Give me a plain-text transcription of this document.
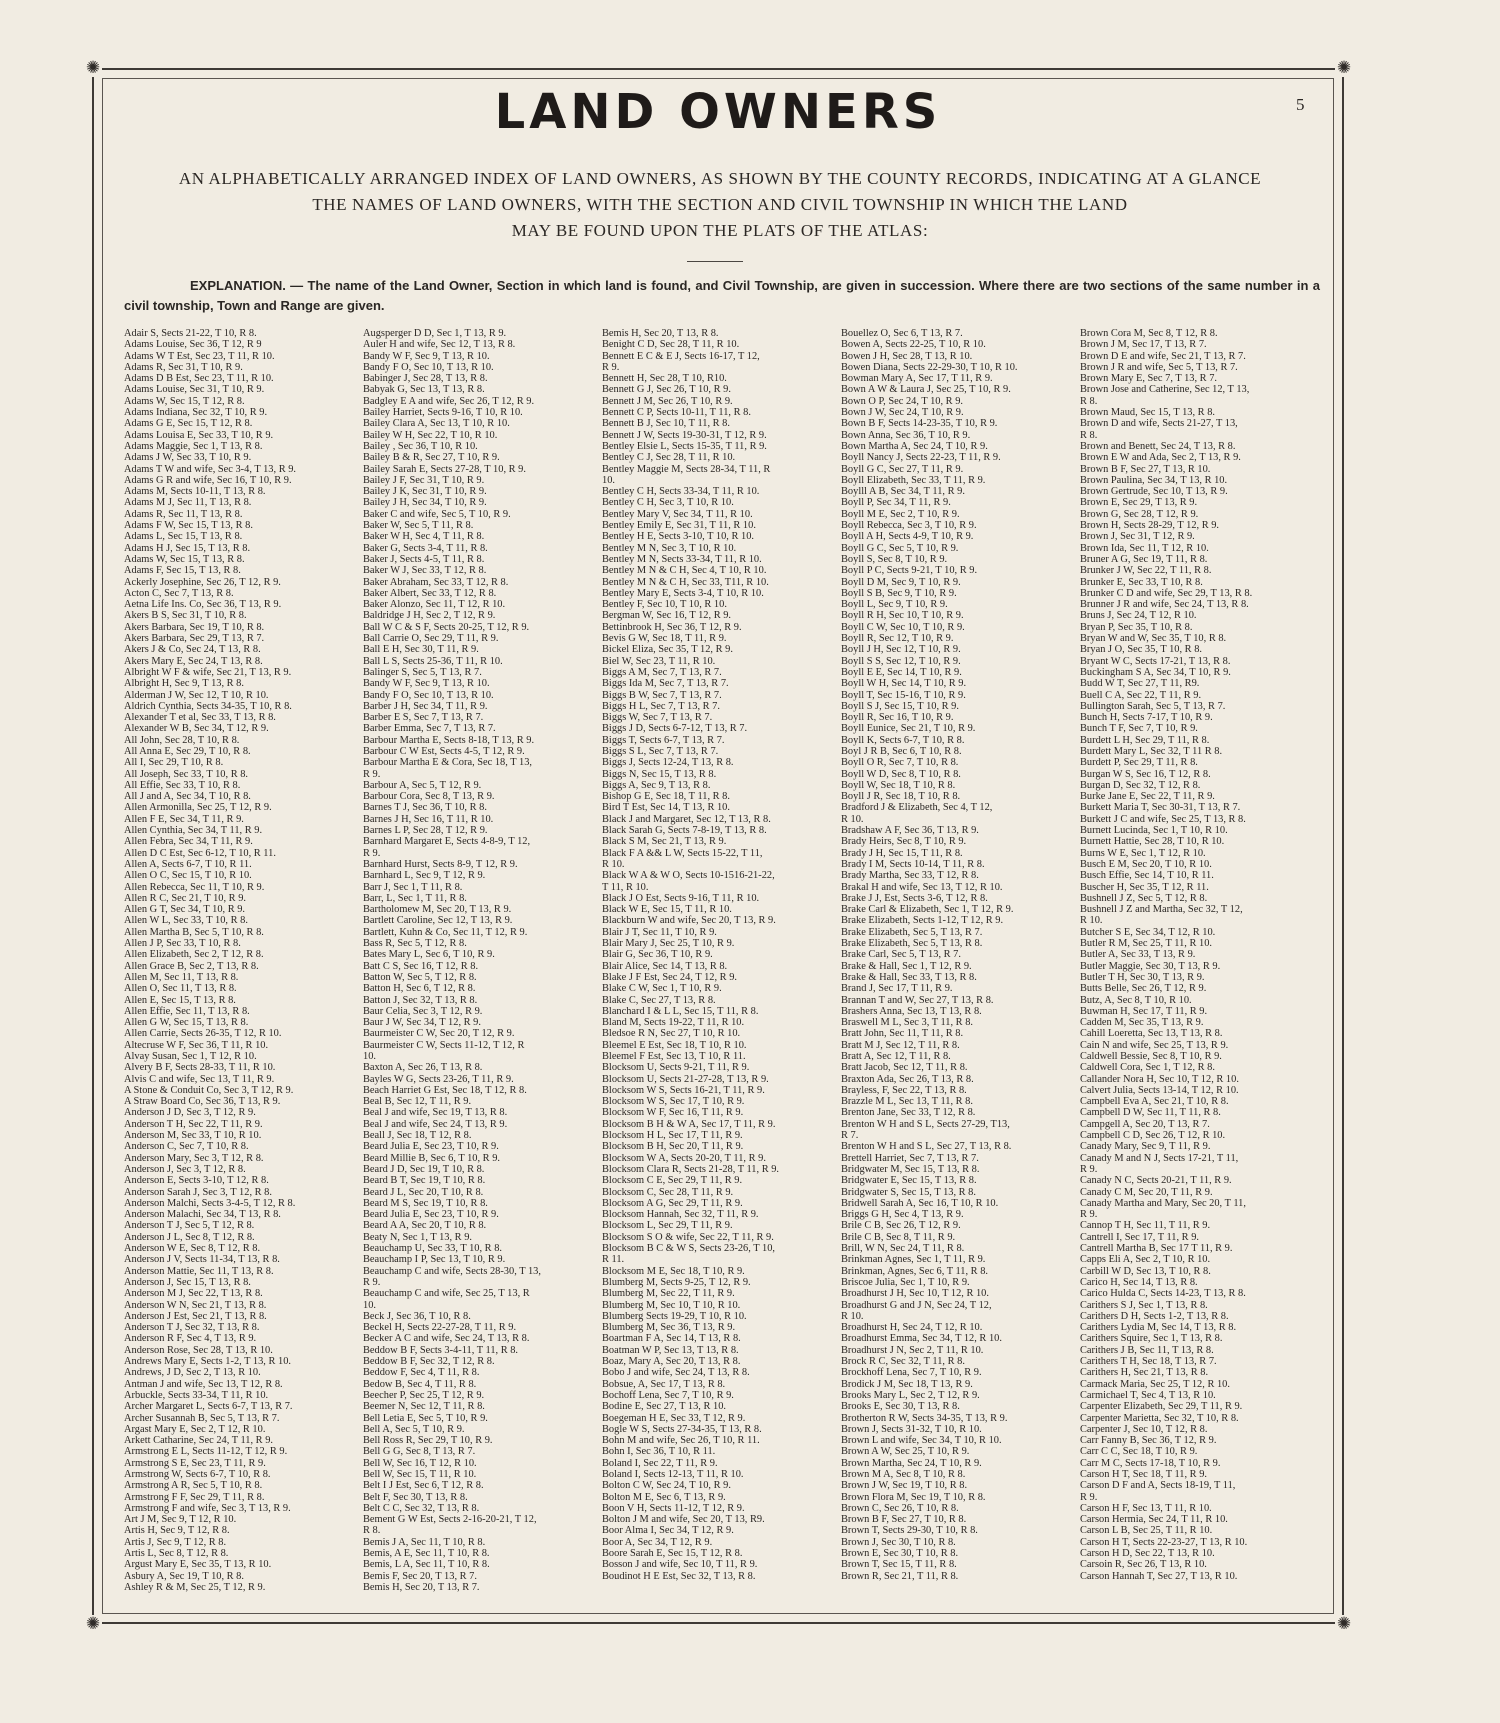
✺	✺
✺	✺
5
LAND OWNERS
AN ALPHABETICALLY ARRANGED INDEX OF LAND OWNERS, AS SHOWN BY THE COUNTY RECORDS, INDICATING AT A GLANCE
THE NAMES OF LAND OWNERS, WITH THE SECTION AND CIVIL TOWNSHIP IN WHICH THE LAND
MAY BE FOUND UPON THE PLATS OF THE ATLAS:
EXPLANATION. — The name of the Land Owner, Section in which land is found, and Civil Township, are given in succession. Where there are two sections of the same number in a civil township, Town and Range are given.
Adair S, Sects 21-22, T 10, R 8.
Adams Louise, Sec 36, T 12, R 9
Adams W T Est, Sec 23, T 11, R 10.
Adams R, Sec 31, T 10, R 9.
Adams D B Est, Sec 23, T 11, R 10.
Adams Louise, Sec 31, T 10, R 9.
Adams W, Sec 15, T 12, R 8.
Adams Indiana, Sec 32, T 10, R 9.
Adams G E, Sec 15, T 12, R 8.
Adams Louisa E, Sec 33, T 10, R 9.
Adams Maggie, Sec 1, T 13, R 8.
Adams J W, Sec 33, T 10, R 9.
Adams T W and wife, Sec 3-4, T 13, R 9.
Adams G R and wife, Sec 16, T 10, R 9.
Adams M, Sects 10-11, T 13, R 8.
Adams M J, Sec 11, T 13, R 8.
Adams R, Sec 11, T 13, R 8.
Adams F W, Sec 15, T 13, R 8.
Adams L, Sec 15, T 13, R 8.
Adams H J, Sec 15, T 13, R 8.
Adams W, Sec 15, T 13, R 8.
Adams F, Sec 15, T 13, R 8.
Ackerly Josephine, Sec 26, T 12, R 9.
Acton C, Sec 7, T 13, R 8.
Aetna Life Ins. Co, Sec 36, T 13, R 9.
Akers B S, Sec 31, T 10, R 8.
Akers Barbara, Sec 19, T 10, R 8.
Akers Barbara, Sec 29, T 13, R 7.
Akers J & Co, Sec 24, T 13, R 8.
Akers Mary E, Sec 24, T 13, R 8.
Albright W F & wife, Sec 21, T 13, R 9.
Albright H, Sec 9, T 13, R 8.
Alderman J W, Sec 12, T 10, R 10.
Aldrich Cynthia, Sects 34-35, T 10, R 8.
Alexander T et al, Sec 33, T 13, R 8.
Alexander W B, Sec 34, T 12, R 9.
All John, Sec 28, T 10, R 8.
All Anna E, Sec 29, T 10, R 8.
All I, Sec 29, T 10, R 8.
All Joseph, Sec 33, T 10, R 8.
All Effie, Sec 33, T 10, R 8.
All J and A, Sec 34, T 10, R 8.
Allen Armonilla, Sec 25, T 12, R 9.
Allen F E, Sec 34, T 11, R 9.
Allen Cynthia, Sec 34, T 11, R 9.
Allen Febra, Sec 34, T 11, R 9.
Allen D C Est, Sec 6-12, T 10, R 11.
Allen A, Sects 6-7, T 10, R 11.
Allen O C, Sec 15, T 10, R 10.
Allen Rebecca, Sec 11, T 10, R 9.
Allen R C, Sec 21, T 10, R 9.
Allen G T, Sec 34, T 10, R 9.
Allen W L, Sec 33, T 10, R 8.
Allen Martha B, Sec 5, T 10, R 8.
Allen J P, Sec 33, T 10, R 8.
Allen Elizabeth, Sec 2, T 12, R 8.
Allen Grace B, Sec 2, T 13, R 8.
Allen M, Sec 11, T 13, R 8.
Allen O, Sec 11, T 13, R 8.
Allen E, Sec 15, T 13, R 8.
Allen Effie, Sec 11, T 13, R 8.
Allen G W, Sec 15, T 13, R 8.
Allen Carrie, Sects 26-35, T 12, R 10.
Altecruse W F, Sec 36, T 11, R 10.
Alvay Susan, Sec 1, T 12, R 10.
Alvery B F, Sects 28-33, T 11, R 10.
Alvis C and wife, Sec 13, T 11, R 9.
A Stone & Conduit Co, Sec 3, T 12, R 9.
A Straw Board Co, Sec 36, T 13, R 9.
Anderson J D, Sec 3, T 12, R 9.
Anderson T H, Sec 22, T 11, R 9.
Anderson M, Sec 33, T 10, R 10.
Anderson C, Sec 7, T 10, R 8.
Anderson Mary, Sec 3, T 12, R 8.
Anderson J, Sec 3, T 12, R 8.
Anderson E, Sects 3-10, T 12, R 8.
Anderson Sarah J, Sec 3, T 12, R 8.
Anderson Malchi, Sects 3-4-5, T 12, R 8.
Anderson Malachi, Sec 34, T 13, R 8.
Anderson T J, Sec 5, T 12, R 8.
Anderson J L, Sec 8, T 12, R 8.
Anderson W E, Sec 8, T 12, R 8.
Anderson J V, Sects 11-34, T 13, R 8.
Anderson Mattie, Sec 11, T 13, R 8.
Anderson J, Sec 15, T 13, R 8.
Anderson M J, Sec 22, T 13, R 8.
Anderson W N, Sec 21, T 13, R 8.
Anderson J Est, Sec 21, T 13, R 8.
Anderson T J, Sec 32, T 13, R 8.
Anderson R F, Sec 4, T 13, R 9.
Anderson Rose, Sec 28, T 13, R 10.
Andrews Mary E, Sects 1-2, T 13, R 10.
Andrews, J D, Sec 2, T 13, R 10.
Antman J and wife, Sec 13, T 12, R 8.
Arbuckle, Sects 33-34, T 11, R 10.
Archer Margaret L, Sects 6-7, T 13, R 7.
Archer Susannah B, Sec 5, T 13, R 7.
Argast Mary E, Sec 2, T 12, R 10.
Arkett Catharine, Sec 24, T 11, R 9.
Armstrong E L, Sects 11-12, T 12, R 9.
Armstrong S E, Sec 23, T 11, R 9.
Armstrong W, Sects 6-7, T 10, R 8.
Armstrong A R, Sec 5, T 10, R 8.
Armstrong F F, Sec 29, T 11, R 8.
Armstrong F and wife, Sec 3, T 13, R 9.
Art J M, Sec 9, T 12, R 10.
Artis H, Sec 9, T 12, R 8.
Artis J, Sec 9, T 12, R 8.
Artis L, Sec 8, T 12, R 8.
Argust Mary E, Sec 35, T 13, R 10.
Asbury A, Sec 19, T 10, R 8.
Ashley R & M, Sec 25, T 12, R 9.
Augsperger D D, Sec 1, T 13, R 9.
Auler H and wife, Sec 12, T 13, R 8.
Bandy W F, Sec 9, T 13, R 10.
Bandy F O, Sec 10, T 13, R 10.
Babinger J, Sec 28, T 13, R 8.
Babyak G, Sec 13, T 13, R 8.
Badgley E A and wife, Sec 26, T 12, R 9.
Bailey Harriet, Sects 9-16, T 10, R 10.
Bailey Clara A, Sec 13, T 10, R 10.
Bailey W H, Sec 22, T 10, R 10.
Bailey , Sec 36, T 10, R 10.
Bailey B & R, Sec 27, T 10, R 9.
Bailey Sarah E, Sects 27-28, T 10, R 9.
Bailey J F, Sec 31, T 10, R 9.
Bailey J K, Sec 31, T 10, R 9.
Bailey J H, Sec 34, T 10, R 9.
Baker C and wife, Sec 5, T 10, R 9.
Baker W, Sec 5, T 11, R 8.
Baker W H, Sec 4, T 11, R 8.
Baker G, Sects 3-4, T 11, R 8.
Baker J, Sects 4-5, T 11, R 8.
Baker W J, Sec 33, T 12, R 8.
Baker Abraham, Sec 33, T 12, R 8.
Baker Albert, Sec 33, T 12, R 8.
Baker Alonzo, Sec 11, T 12, R 10.
Baldridge J H, Sec 2, T 12, R 9.
Ball W C & S F, Sects 20-25, T 12, R 9.
Ball Carrie O, Sec 29, T 11, R 9.
Ball E H, Sec 30, T 11, R 9.
Ball L S, Sects 25-36, T 11, R 10.
Balinger S, Sec 5, T 13, R 7.
Bandy W F, Sec 9, T 13, R 10.
Bandy F O, Sec 10, T 13, R 10.
Barber J H, Sec 34, T 11, R 9.
Barber E S, Sec 7, T 13, R 7.
Barber Emma, Sec 7, T 13, R 7.
Barbour Martha E, Sects 8-18, T 13, R 9.
Barbour C W Est, Sects 4-5, T 12, R 9.
Barbour Martha E & Cora, Sec 18, T 13,
R 9.
Barbour A, Sec 5, T 12, R 9.
Barbour Cora, Sec 8, T 13, R 9.
Barnes T J, Sec 36, T 10, R 8.
Barnes J H, Sec 16, T 11, R 10.
Barnes L P, Sec 28, T 12, R 9.
Barnhard Margaret E, Sects 4-8-9, T 12,
R 9.
Barnhard Hurst, Sects 8-9, T 12, R 9.
Barnhard L, Sec 9, T 12, R 9.
Barr J, Sec 1, T 11, R 8.
Barr, L, Sec 1, T 11, R 8.
Bartholomew M, Sec 20, T 13, R 9.
Bartlett Caroline, Sec 12, T 13, R 9.
Bartlett, Kuhn & Co, Sec 11, T 12, R 9.
Bass R, Sec 5, T 12, R 8.
Bates Mary L, Sec 6, T 10, R 9.
Batt C S, Sec 16, T 12, R 8.
Batton W, Sec 5, T 12, R 8.
Batton H, Sec 6, T 12, R 8.
Batton J, Sec 32, T 13, R 8.
Baur Celia, Sec 3, T 12, R 9.
Baur J W, Sec 34, T 12, R 9.
Baurmeister C W, Sec 20, T 12, R 9.
Baurmeister C W, Sects 11-12, T 12, R
10.
Baxton A, Sec 26, T 13, R 8.
Bayles W G, Sects 23-26, T 11, R 9.
Beach Harriet G Est, Sec 18, T 12, R 8.
Beal B, Sec 12, T 11, R 9.
Beal J and wife, Sec 19, T 13, R 8.
Beal J and wife, Sec 24, T 13, R 9.
Beall J, Sec 18, T 12, R 8.
Beard Julia E, Sec 23, T 10, R 9.
Beard Millie B, Sec 6, T 10, R 9.
Beard J D, Sec 19, T 10, R 8.
Beard B T, Sec 19, T 10, R 8.
Beard J L, Sec 20, T 10, R 8.
Beard M S, Sec 19, T 10, R 8.
Beard Julia E, Sec 23, T 10, R 9.
Beard A A, Sec 20, T 10, R 8.
Beaty N, Sec 1, T 13, R 9.
Beauchamp U, Sec 33, T 10, R 8.
Beauchamp I P, Sec 13, T 10, R 9.
Beauchamp C and wife, Sects 28-30, T 13,
R 9.
Beauchamp C and wife, Sec 25, T 13, R
10.
Beck J, Sec 36, T 10, R 8.
Beckel H, Sects 22-27-28, T 11, R 9.
Becker A C and wife, Sec 24, T 13, R 8.
Beddow B F, Sects 3-4-11, T 11, R 8.
Beddow B F, Sec 32, T 12, R 8.
Beddow F, Sec 4, T 11, R 8.
Bedow B, Sec 4, T 11, R 8.
Beecher P, Sec 25, T 12, R 9.
Beemer N, Sec 12, T 11, R 8.
Bell Letia E, Sec 5, T 10, R 9.
Bell A, Sec 5, T 10, R 9.
Bell Ross R, Sec 29, T 10, R 9.
Bell G G, Sec 8, T 13, R 7.
Bell W, Sec 16, T 12, R 10.
Bell W, Sec 15, T 11, R 10.
Belt I J Est, Sec 6, T 12, R 8.
Belt F, Sec 30, T 13, R 8.
Belt C C, Sec 32, T 13, R 8.
Bement G W Est, Sects 2-16-20-21, T 12,
R 8.
Bemis J A, Sec 11, T 10, R 8.
Bemis, A E, Sec 11, T 10, R 8.
Bemis, L A, Sec 11, T 10, R 8.
Bemis F, Sec 20, T 13, R 7.
Bemis H, Sec 20, T 13, R 7.
Bemis H, Sec 20, T 13, R 8.
Benight C D, Sec 28, T 11, R 10.
Bennett E C & E J, Sects 16-17, T 12,
R 9.
Bennett H, Sec 28, T 10, R10.
Bennett G J, Sec 26, T 10, R 9.
Bennett J M, Sec 26, T 10, R 9.
Bennett C P, Sects 10-11, T 11, R 8.
Bennett B J, Sec 10, T 11, R 8.
Bennett J W, Sects 19-30-31, T 12, R 9.
Bentley Elsie L, Sects 15-35, T 11, R 9.
Bentley C J, Sec 28, T 11, R 10.
Bentley Maggie M, Sects 28-34, T 11, R
10.
Bentley C H, Sects 33-34, T 11, R 10.
Bentley C H, Sec 3, T 10, R 10.
Bentley Mary V, Sec 34, T 11, R 10.
Bentley Emily E, Sec 31, T 11, R 10.
Bentley H E, Sects 3-10, T 10, R 10.
Bentley M N, Sec 3, T 10, R 10.
Bentley M N, Sects 33-34, T 11, R 10.
Bentley M N & C H, Sec 4, T 10, R 10.
Bentley M N & C H, Sec 33, T11, R 10.
Bentley Mary E, Sects 3-4, T 10, R 10.
Bentley F, Sec 10, T 10, R 10.
Bergman W, Sec 16, T 12, R 9.
Bettinbrook H, Sec 36, T 12, R 9.
Bevis G W, Sec 18, T 11, R 9.
Bickel Eliza, Sec 35, T 12, R 9.
Biel W, Sec 23, T 11, R 10.
Biggs A M, Sec 7, T 13, R 7.
Biggs Ida M, Sec 7, T 13, R 7.
Biggs B W, Sec 7, T 13, R 7.
Biggs H L, Sec 7, T 13, R 7.
Biggs W, Sec 7, T 13, R 7.
Biggs J D, Sects 6-7-12, T 13, R 7.
Biggs T, Sects 6-7, T 13, R 7.
Biggs S L, Sec 7, T 13, R 7.
Biggs J, Sects 12-24, T 13, R 8.
Biggs N, Sec 15, T 13, R 8.
Biggs A, Sec 9, T 13, R 8.
Bishop G E, Sec 18, T 11, R 8.
Bird T Est, Sec 14, T 13, R 10.
Black J and Margaret, Sec 12, T 13, R 8.
Black Sarah G, Sects 7-8-19, T 13, R 8.
Black S M, Sec 21, T 13, R 9.
Black F A && L W, Sects 15-22, T 11,
R 10.
Black W A & W O, Sects 10-1516-21-22,
T 11, R 10.
Black J O Est, Sects 9-16, T 11, R 10.
Black W E, Sec 15, T 11, R 10.
Blackburn W and wife, Sec 20, T 13, R 9.
Blair J T, Sec 11, T 10, R 9.
Blair Mary J, Sec 25, T 10, R 9.
Blair G, Sec 36, T 10, R 9.
Blair Alice, Sec 14, T 13, R 8.
Blake J F Est, Sec 24, T 12, R 9.
Blake C W, Sec 1, T 10, R 9.
Blake C, Sec 27, T 13, R 8.
Blanchard I & L L, Sec 15, T 11, R 8.
Bland M, Sects 19-22, T 11, R 10.
Bledsoe R N, Sec 27, T 10, R 10.
Bleemel E Est, Sec 18, T 10, R 10.
Bleemel F Est, Sec 13, T 10, R 11.
Blocksom U, Sects 9-21, T 11, R 9.
Blocksom U, Sects 21-27-28, T 13, R 9.
Blocksom W S, Sects 16-21, T 11, R 9.
Blocksom W S, Sec 17, T 10, R 9.
Blocksom W F, Sec 16, T 11, R 9.
Blocksom B H & W A, Sec 17, T 11, R 9.
Blocksom H L, Sec 17, T 11, R 9.
Blocksom B H, Sec 20, T 11, R 9.
Blocksom W A, Sects 20-20, T 11, R 9.
Blocksom Clara R, Sects 21-28, T 11, R 9.
Blocksom C E, Sec 29, T 11, R 9.
Blocksom C, Sec 28, T 11, R 9.
Blocksom A G, Sec 29, T 11, R 9.
Blocksom Hannah, Sec 32, T 11, R 9.
Blocksom L, Sec 29, T 11, R 9.
Blocksom S O & wife, Sec 22, T 11, R 9.
Blocksom B C & W S, Sects 23-26, T 10,
R 11.
Blocksom M E, Sec 18, T 10, R 9.
Blumberg M, Sects 9-25, T 12, R 9.
Blumberg M, Sec 22, T 11, R 9.
Blumberg M, Sec 10, T 10, R 10.
Blumberg Sects 19-29, T 10, R 10.
Blumberg M, Sec 36, T 13, R 9.
Boartman F A, Sec 14, T 13, R 8.
Boatman W P, Sec 13, T 13, R 8.
Boaz, Mary A, Sec 20, T 13, R 8.
Bobo J and wife, Sec 24, T 13, R 8.
Bobsue, A, Sec 17, T 13, R 8.
Bochoff Lena, Sec 7, T 10, R 9.
Bodine E, Sec 27, T 13, R 10.
Boegeman H E, Sec 33, T 12, R 9.
Bogle W S, Sects 27-34-35, T 13, R 8.
Bohn M and wife, Sec 26, T 10, R 11.
Bohn I, Sec 36, T 10, R 11.
Boland I, Sec 22, T 11, R 9.
Boland I, Sects 12-13, T 11, R 10.
Bolton C W, Sec 24, T 10, R 9.
Bolton M E, Sec 6, T 13, R 9.
Boon V H, Sects 11-12, T 12, R 9.
Bolton J M and wife, Sec 20, T 13, R9.
Boor Alma I, Sec 34, T 12, R 9.
Boor A, Sec 34, T 12, R 9.
Boore Sarah E, Sec 15, T 12, R 8.
Bosson J and wife, Sec 10, T 11, R 9.
Boudinot H E Est, Sec 32, T 13, R 8.
Bouellez O, Sec 6, T 13, R 7.
Bowen A, Sects 22-25, T 10, R 10.
Bowen J H, Sec 28, T 13, R 10.
Bowen Diana, Sects 22-29-30, T 10, R 10.
Bowman Mary A, Sec 17, T 11, R 9.
Bown A W & Laura J, Sec 25, T 10, R 9.
Bown O P, Sec 24, T 10, R 9.
Bown J W, Sec 24, T 10, R 9.
Bown B F, Sects 14-23-35, T 10, R 9.
Bown Anna, Sec 36, T 10, R 9.
Bown Martha A, Sec 24, T 10, R 9.
Boyll Nancy J, Sects 22-23, T 11, R 9.
Boyll G C, Sec 27, T 11, R 9.
Boyll Elizabeth, Sec 33, T 11, R 9.
Boylll A B, Sec 34, T 11, R 9.
Boyll P, Sec 34, T 11, R 9.
Boyll M E, Sec 2, T 10, R 9.
Boyll Rebecca, Sec 3, T 10, R 9.
Boyll A H, Sects 4-9, T 10, R 9.
Boyll G C, Sec 5, T 10, R 9.
Boyll S, Sec 8, T 10, R 9.
Boyll P C, Sects 9-21, T 10, R 9.
Boyll D M, Sec 9, T 10, R 9.
Boyll S B, Sec 9, T 10, R 9.
Boyll L, Sec 9, T 10, R 9.
Boyll R H, Sec 10, T 10, R 9.
Boyll C W, Sec 10, T 10, R 9.
Boyll R, Sec 12, T 10, R 9.
Boyll J H, Sec 12, T 10, R 9.
Boyll S S, Sec 12, T 10, R 9.
Boyll E E, Sec 14, T 10, R 9.
Boyll W H, Sec 14, T 10, R 9.
Boyll T, Sec 15-16, T 10, R 9.
Boyll S J, Sec 15, T 10, R 9.
Boyll R, Sec 16, T 10, R 9.
Boyll Eunice, Sec 21, T 10, R 9.
Boyll K, Sects 6-7, T 10, R 8.
Boyl J R B, Sec 6, T 10, R 8.
Boyll O R, Sec 7, T 10, R 8.
Boyll W D, Sec 8, T 10, R 8.
Boyll W, Sec 18, T 10, R 8.
Boyll J R, Sec 18, T 10, R 8.
Bradford J & Elizabeth, Sec 4, T 12,
R 10.
Bradshaw A F, Sec 36, T 13, R 9.
Brady Heirs, Sec 8, T 10, R 9.
Brady J H, Sec 15, T 11, R 8.
Brady I M, Sects 10-14, T 11, R 8.
Brady Martha, Sec 33, T 12, R 8.
Brakal H and wife, Sec 13, T 12, R 10.
Brake J J, Est, Sects 3-6, T 12, R 8.
Brake Carl & Elizabeth, Sec 1, T 12, R 9.
Brake Elizabeth, Sects 1-12, T 12, R 9.
Brake Elizabeth, Sec 5, T 13, R 7.
Brake Elizabeth, Sec 5, T 13, R 8.
Brake Carl, Sec 5, T 13, R 7.
Brake & Hall, Sec 1, T 12, R 9.
Brake & Hall, Sec 33, T 13, R 8.
Brand J, Sec 17, T 11, R 9.
Brannan T and W, Sec 27, T 13, R 8.
Brashers Anna, Sec 13, T 13, R 8.
Braswell M L, Sec 3, T 11, R 8.
Bratt John, Sec 11, T 11, R 8.
Bratt M J, Sec 12, T 11, R 8.
Bratt A, Sec 12, T 11, R 8.
Bratt Jacob, Sec 12, T 11, R 8.
Braxton Ada, Sec 26, T 13, R 8.
Brayless, F, Sec 22, T 13, R 8.
Brazzle M L, Sec 13, T 11, R 8.
Brenton Jane, Sec 33, T 12, R 8.
Brenton W H and S L, Sects 27-29, T13,
R 7.
Brenton W H and S L, Sec 27, T 13, R 8.
Brettell Harriet, Sec 7, T 13, R 7.
Bridgwater M, Sec 15, T 13, R 8.
Bridgwater E, Sec 15, T 13, R 8.
Bridgwater S, Sec 15, T 13, R 8.
Bridwell Sarah A, Sec 16, T 10, R 10.
Briggs G H, Sec 4, T 13, R 9.
Brile C B, Sec 26, T 12, R 9.
Brile C B, Sec 8, T 11, R 9.
Brill, W N, Sec 24, T 11, R 8.
Brinkman Agnes, Sec 1, T 11, R 9.
Brinkman, Agnes, Sec 6, T 11, R 8.
Briscoe Julia, Sec 1, T 10, R 9.
Broadhurst J H, Sec 10, T 12, R 10.
Broadhurst G and J N, Sec 24, T 12,
R 10.
Broadhurst H, Sec 24, T 12, R 10.
Broadhurst Emma, Sec 34, T 12, R 10.
Broadhurst J N, Sec 2, T 11, R 10.
Brock R C, Sec 32, T 11, R 8.
Brockhoff Lena, Sec 7, T 10, R 9.
Brodick J M, Sec 18, T 13, R 9.
Brooks Mary L, Sec 2, T 12, R 9.
Brooks E, Sec 30, T 13, R 8.
Brotherton R W, Sects 34-35, T 13, R 9.
Brown J, Sects 31-32, T 10, R 10.
Brown L and wife, Sec 34, T 10, R 10.
Brown A W, Sec 25, T 10, R 9.
Brown Martha, Sec 24, T 10, R 9.
Brown M A, Sec 8, T 10, R 8.
Brown J W, Sec 19, T 10, R 8.
Brown Flora M, Sec 19, T 10, R 8.
Brown C, Sec 26, T 10, R 8.
Brown B F, Sec 27, T 10, R 8.
Brown T, Sects 29-30, T 10, R 8.
Brown J, Sec 30, T 10, R 8.
Brown E, Sec 30, T 10, R 8.
Brown T, Sec 15, T 11, R 8.
Brown R, Sec 21, T 11, R 8.
Brown Cora M, Sec 8, T 12, R 8.
Brown J M, Sec 17, T 13, R 7.
Brown D E and wife, Sec 21, T 13, R 7.
Brown J R and wife, Sec 5, T 13, R 7.
Brown Mary E, Sec 7, T 13, R 7.
Brown Jose and Catherine, Sec 12, T 13,
R 8.
Brown Maud, Sec 15, T 13, R 8.
Brown D and wife, Sects 21-27, T 13,
R 8.
Brown and Benett, Sec 24, T 13, R 8.
Brown E W and Ada, Sec 2, T 13, R 9.
Brown B F, Sec 27, T 13, R 10.
Brown Paulina, Sec 34, T 13, R 10.
Brown Gertrude, Sec 10, T 13, R 9.
Brown E, Sec 29, T 13, R 9.
Brown G, Sec 28, T 12, R 9.
Brown H, Sects 28-29, T 12, R 9.
Brown J, Sec 31, T 12, R 9.
Brown Ida, Sec 11, T 12, R 10.
Bruner A G, Sec 19, T 11, R 8.
Brunker J W, Sec 22, T 11, R 8.
Brunker E, Sec 33, T 10, R 8.
Brunker C D and wife, Sec 29, T 13, R 8.
Brunner J R and wife, Sec 24, T 13, R 8.
Bruns J, Sec 24, T 12, R 10.
Bryan P, Sec 35, T 10, R 8.
Bryan W and W, Sec 35, T 10, R 8.
Bryan J O, Sec 35, T 10, R 8.
Bryant W C, Sects 17-21, T 13, R 8.
Buckingham S A, Sec 34, T 10, R 9.
Budd W T, Sec 27, T 11, R9.
Buell C A, Sec 22, T 11, R 9.
Bullington Sarah, Sec 5, T 13, R 7.
Bunch H, Sects 7-17, T 10, R 9.
Bunch T F, Sec 7, T 10, R 9.
Burdett L H, Sec 29, T 11, R 8.
Burdett Mary L, Sec 32, T 11 R 8.
Burdett P, Sec 29, T 11, R 8.
Burgan W S, Sec 16, T 12, R 8.
Burgan D, Sec 32, T 12, R 8.
Burke Jane E, Sec 22, T 11, R 9.
Burkett Maria T, Sec 30-31, T 13, R 7.
Burkett J C and wife, Sec 25, T 13, R 8.
Burnett Lucinda, Sec 1, T 10, R 10.
Burnett Hattie, Sec 28, T 10, R 10.
Burns W E, Sec 1, T 12, R 10.
Busch E M, Sec 20, T 10, R 10.
Busch Effie, Sec 14, T 10, R 11.
Buscher H, Sec 35, T 12, R 11.
Bushnell J Z, Sec 5, T 12, R 8.
Bushnell J Z and Martha, Sec 32, T 12,
R 10.
Butcher S E, Sec 34, T 12, R 10.
Butler R M, Sec 25, T 11, R 10.
Butler A, Sec 33, T 13, R 9.
Butler Maggie, Sec 30, T 13, R 9.
Butler T H, Sec 30, T 13, R 9.
Butts Belle, Sec 26, T 12, R 9.
Butz, A, Sec 8, T 10, R 10.
Buwman H, Sec 17, T 11, R 9.
Cadden M, Sec 35, T 13, R 9.
Cahill Loeretta, Sec 13, T 13, R 8.
Cain N and wife, Sec 25, T 13, R 9.
Caldwell Bessie, Sec 8, T 10, R 9.
Caldwell Cora, Sec 1, T 12, R 8.
Callander Nora H, Sec 10, T 12, R 10.
Calvert Julia, Sects 13-14, T 12, R 10.
Campbell Eva A, Sec 21, T 10, R 8.
Campbell D W, Sec 11, T 11, R 8.
Campgell A, Sec 20, T 13, R 7.
Campbell C D, Sec 26, T 12, R 10.
Canady Mary, Sec 9, T 11, R 9.
Canady M and N J, Sects 17-21, T 11,
R 9.
Canady N C, Sects 20-21, T 11, R 9.
Canady C M, Sec 20, T 11, R 9.
Canady Martha and Mary, Sec 20, T 11,
R 9.
Cannop T H, Sec 11, T 11, R 9.
Cantrell I, Sec 17, T 11, R 9.
Cantrell Martha B, Sec 17 T 11, R 9.
Capps Eli A, Sec 2, T 10, R 10.
Carbill W D, Sec 13, T 10, R 8.
Carico H, Sec 14, T 13, R 8.
Carico Hulda C, Sects 14-23, T 13, R 8.
Carithers S J, Sec 1, T 13, R 8.
Carithers D H, Sects 1-2, T 13, R 8.
Carithers Lydia M, Sec 14, T 13, R 8.
Carithers Squire, Sec 1, T 13, R 8.
Carithers J B, Sec 11, T 13, R 8.
Carithers T H, Sec 18, T 13, R 7.
Carithers H, Sec 21, T 13, R 8.
Carmack Maria, Sec 25, T 12, R 10.
Carmichael T, Sec 4, T 13, R 10.
Carpenter Elizabeth, Sec 29, T 11, R 9.
Carpenter Marietta, Sec 32, T 10, R 8.
Carpenter J, Sec 10, T 12, R 8.
Carr Fanny B, Sec 36, T 12, R 9.
Carr C C, Sec 18, T 10, R 9.
Carr M C, Sects 17-18, T 10, R 9.
Carson H T, Sec 18, T 11, R 9.
Carson D F and A, Sects 18-19, T 11,
R 9.
Carson H F, Sec 13, T 11, R 10.
Carson Hermia, Sec 24, T 11, R 10.
Carson L B, Sec 25, T 11, R 10.
Carson H T, Sects 22-23-27, T 13, R 10.
Carson H D, Sec 22, T 13, R 10.
Carsoin R, Sec 26, T 13, R 10.
Carson Hannah T, Sec 27, T 13, R 10.
